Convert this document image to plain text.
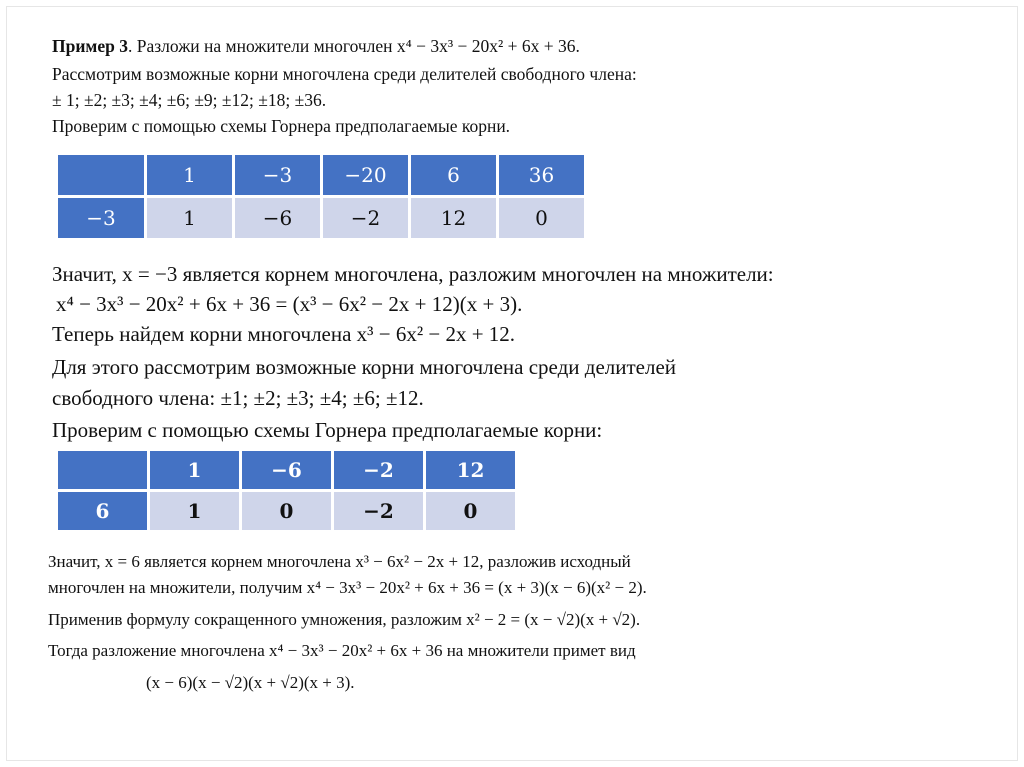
Пример 3. Разложи на множители многочлен x⁴ − 3x³ − 20x² + 6x + 36.
Рассмотрим возможные корни многочлена среди делителей свободного члена:
± 1; ±2; ±3; ±4; ±6; ±9; ±12; ±18; ±36.
Проверим с помощью схемы Горнера предполагаемые корни.
	1	−3	−20	6	36
−3	1	−6	−2	12	0
Значит, x = −3 является корнем многочлена, разложим многочлен на множители:
x⁴ − 3x³ − 20x² + 6x + 36 = (x³ − 6x² − 2x + 12)(x + 3).
Теперь найдем корни многочлена x³ − 6x² − 2x + 12.
Для этого рассмотрим возможные корни многочлена среди делителей
свободного члена: ±1; ±2; ±3; ±4; ±6; ±12.
Проверим с помощью схемы Горнера предполагаемые корни:
	1	−6	−2	12
6	1	0	−2	0
Значит, x = 6 является корнем многочлена x³ − 6x² − 2x + 12, разложив исходный
многочлен на множители, получим x⁴ − 3x³ − 20x² + 6x + 36 = (x + 3)(x − 6)(x² − 2).
Применив формулу сокращенного умножения, разложим x² − 2 = (x − √2)(x + √2).
Тогда разложение многочлена x⁴ − 3x³ − 20x² + 6x + 36 на множители примет вид
(x − 6)(x − √2)(x + √2)(x + 3).
